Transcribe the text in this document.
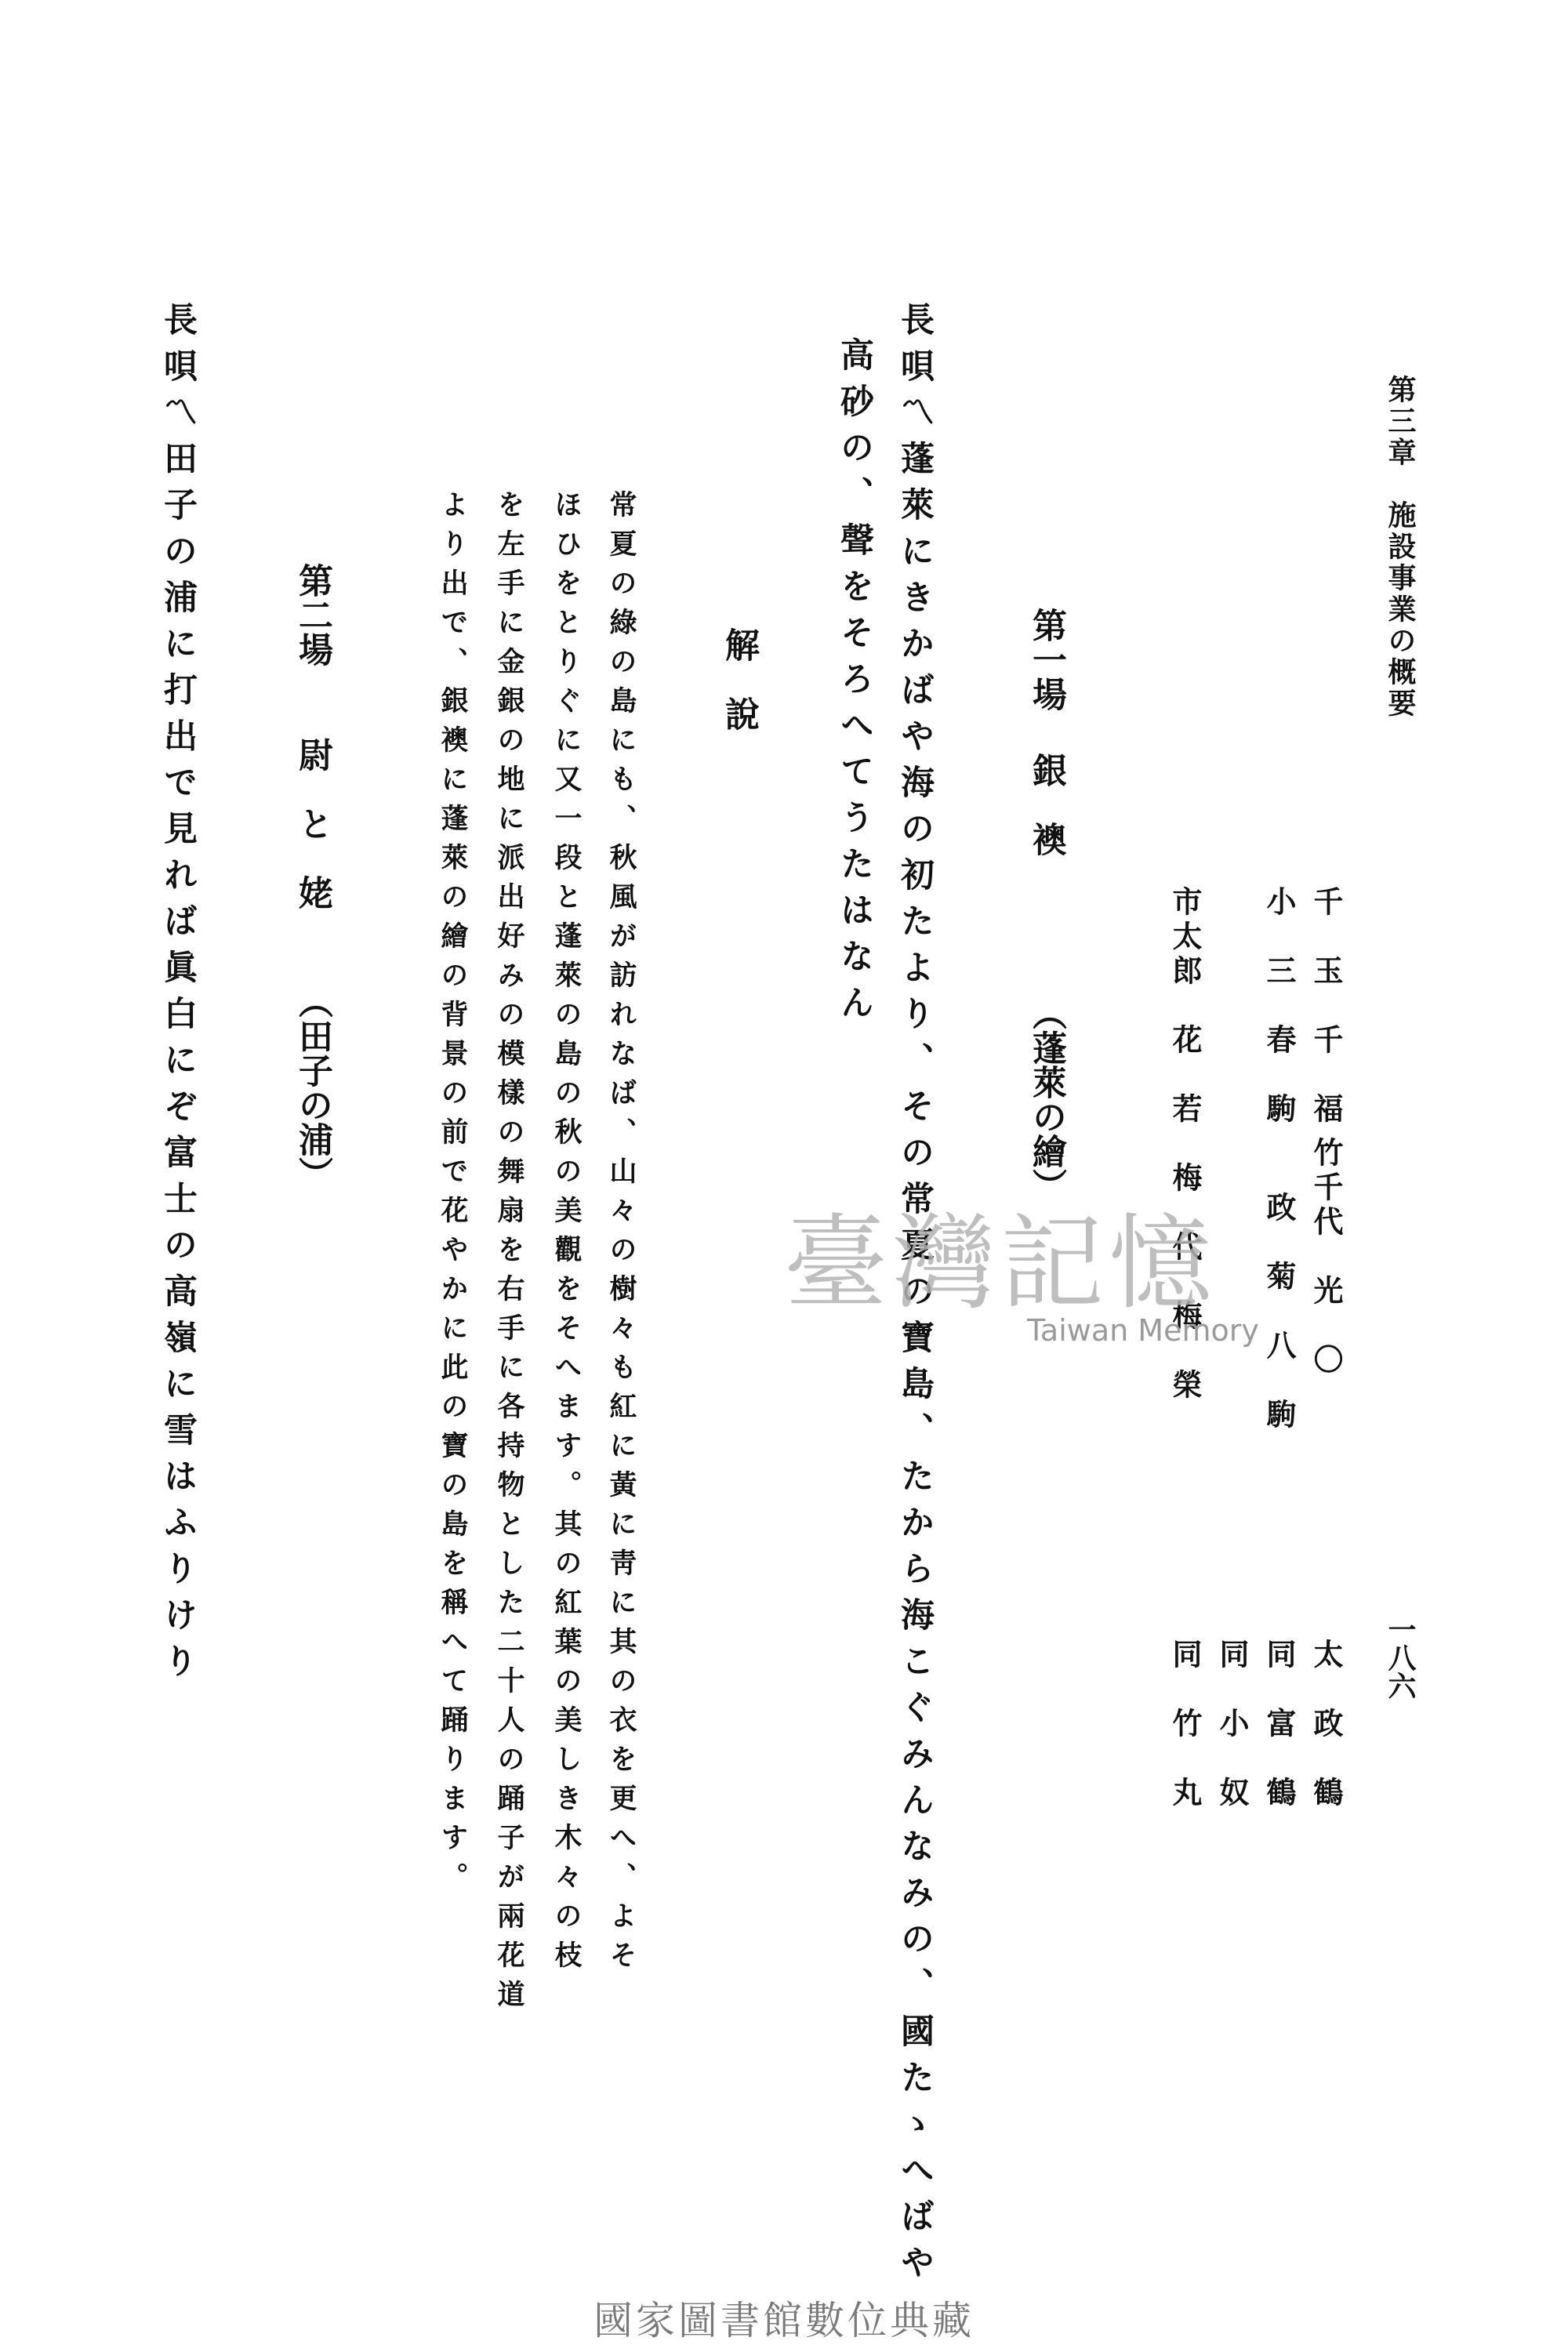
第三章　施設事業の概要
一八六
千　玉　千　福
竹千代　光　〇
太　政　鶴
小　三　春　駒
政　菊　八　駒
同　富　鶴
市太郎　花　若　梅　代　梅　榮
同　小　奴
同　竹　丸
第一場
銀　襖
（蓬萊の繪）
長唄〽蓬萊にきかばや海の初たより、その常夏の寶島、たから海こぐみんなみの、國たゝへばや
高砂の、聲をそろへてうたはなん
解　說
常夏の綠の島にも、秋風が訪れなば、山々の樹々も紅に黃に靑に其の衣を更へ、よそ
ほひをとりぐに又一段と蓬萊の島の秋の美觀をそへます。其の紅葉の美しき木々の枝
を左手に金銀の地に派出好みの模樣の舞扇を右手に各持物とした二十人の踊子が兩花道
より出で、銀襖に蓬萊の繪の背景の前で花やかに此の寶の島を稱へて踊ります。
第二場
尉　と　姥
（田子の浦）
長唄〽田子の浦に打出で見れば眞白にぞ富士の高嶺に雪はふりけり	臺灣記憶
Taiwan Memory
國家圖書館數位典藏
